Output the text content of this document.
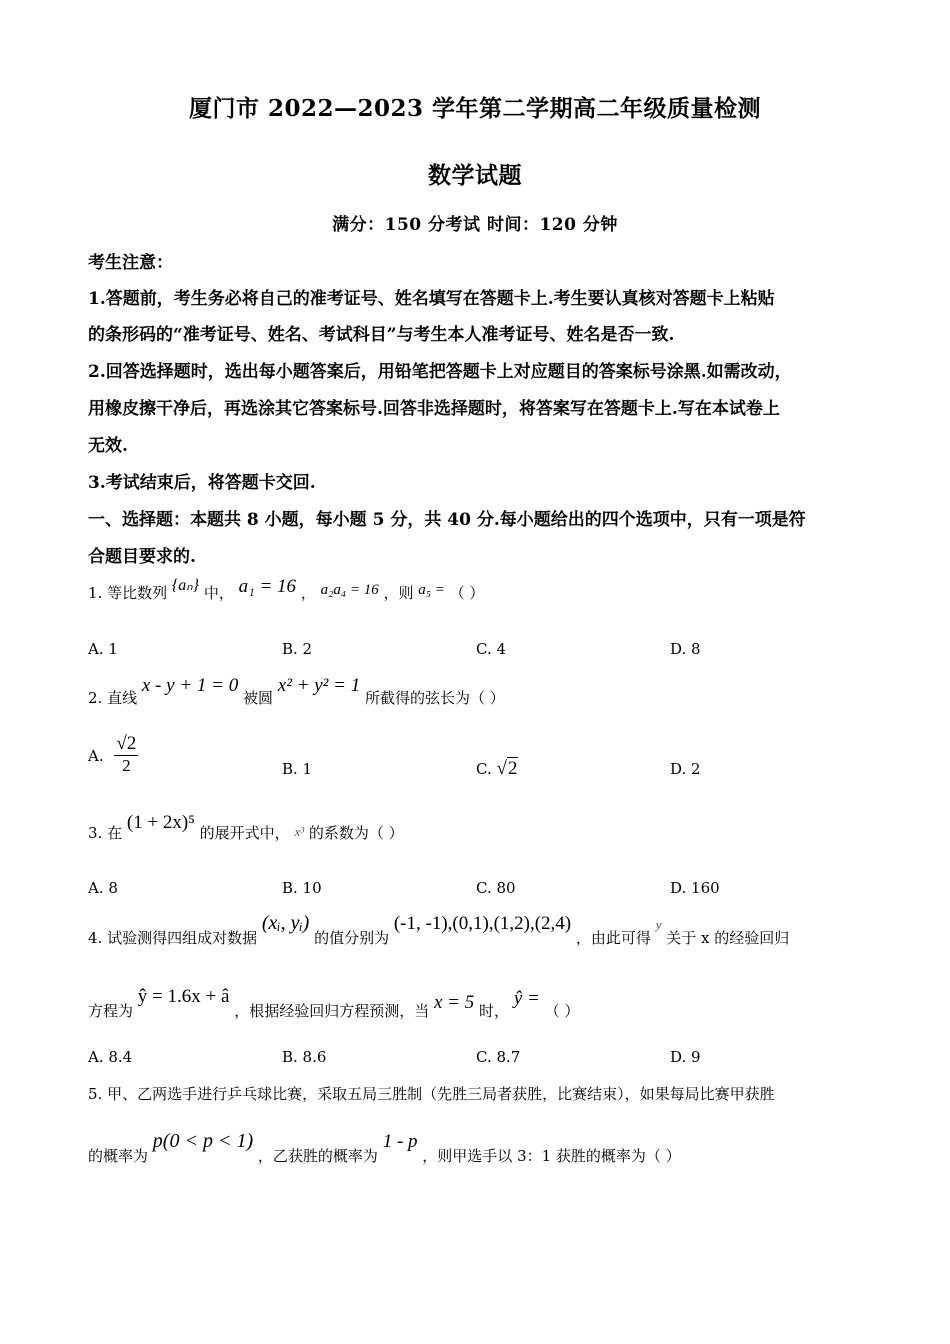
厦门市 2022—2023 学年第二学期高二年级质量检测
数学试题
满分：150 分考试 时间：120 分钟
考生注意：
1.答题前，考生务必将自己的准考证号、姓名填写在答题卡上.考生要认真核对答题卡上粘贴
的条形码的“准考证号、姓名、考试科目”与考生本人准考证号、姓名是否一致.
2.回答选择题时，选出每小题答案后，用铅笔把答题卡上对应题目的答案标号涂黑.如需改动，
用橡皮擦干净后，再选涂其它答案标号.回答非选择题时，将答案写在答题卡上.写在本试卷上
无效.
3.考试结束后，将答题卡交回.
一、选择题：本题共 8 小题，每小题 5 分，共 40 分.每小题给出的四个选项中，只有一项是符
合题目要求的.
1. 等比数列 {aₙ} 中， a₁ = 16 ， a₂a₄ = 16 ，则 a₅ = （ ）
A. 1	B. 2	C. 4	D. 8
2. 直线 x - y + 1 = 0 被圆 x² + y² = 1 所截得的弦长为（ ）
A. $\frac{√2}{2}$	B. 1	C. √2	D. 2
3. 在 (1 + 2x)⁵ 的展开式中， x³ 的系数为（ ）
A. 8	B. 10	C. 80	D. 160
4. 试验测得四组成对数据 (xᵢ, yᵢ) 的值分别为 (-1, -1),(0,1),(1,2),(2,4) ，由此可得 y 关于 x 的经验回归
方程为 ŷ = 1.6x + â ，根据经验回归方程预测，当 x = 5 时， ŷ = （ ）
A. 8.4	B. 8.6	C. 8.7	D. 9
5. 甲、乙两选手进行乒乓球比赛，采取五局三胜制（先胜三局者获胜，比赛结束），如果每局比赛甲获胜
的概率为 p(0 < p < 1) ，乙获胜的概率为 1 - p ，则甲选手以 3：1 获胜的概率为（ ）
